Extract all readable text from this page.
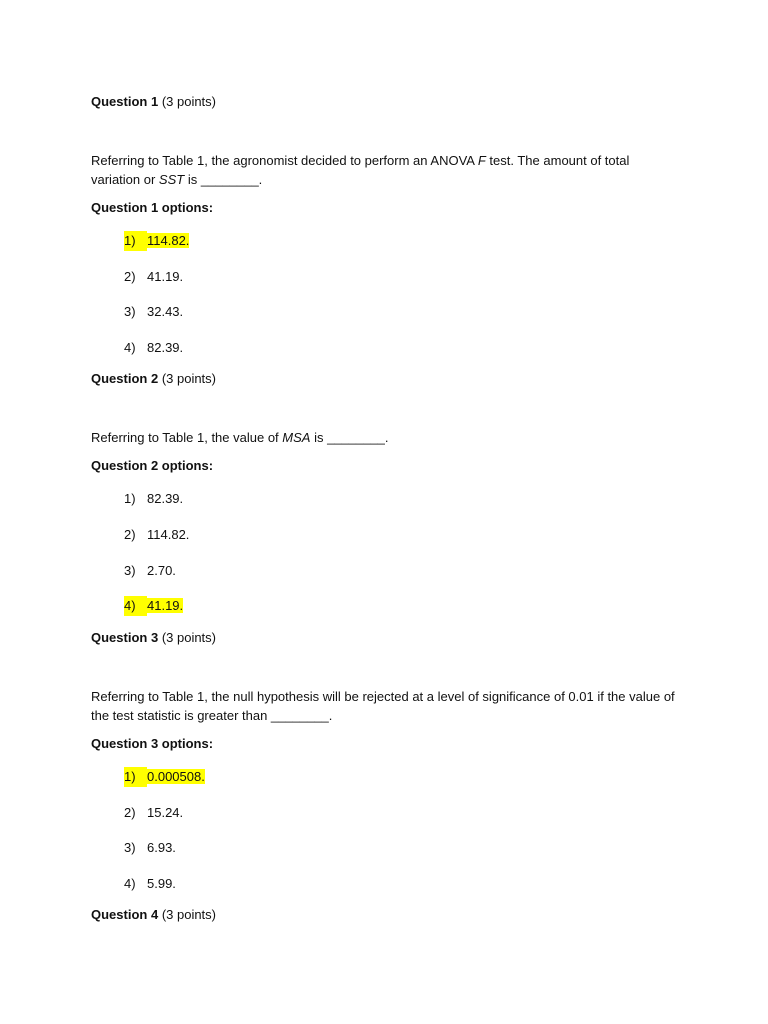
Question 1 (3 points)
Referring to Table 1, the agronomist decided to perform an ANOVA F test. The amount of total variation or SST is ________.
Question 1 options:
1) 114.82.
2) 41.19.
3) 32.43.
4) 82.39.
Question 2 (3 points)
Referring to Table 1, the value of MSA is ________.
Question 2 options:
1) 82.39.
2) 114.82.
3) 2.70.
4) 41.19.
Question 3 (3 points)
Referring to Table 1, the null hypothesis will be rejected at a level of significance of 0.01 if the value of the test statistic is greater than ________.
Question 3 options:
1) 0.000508.
2) 15.24.
3) 6.93.
4) 5.99.
Question 4 (3 points)
